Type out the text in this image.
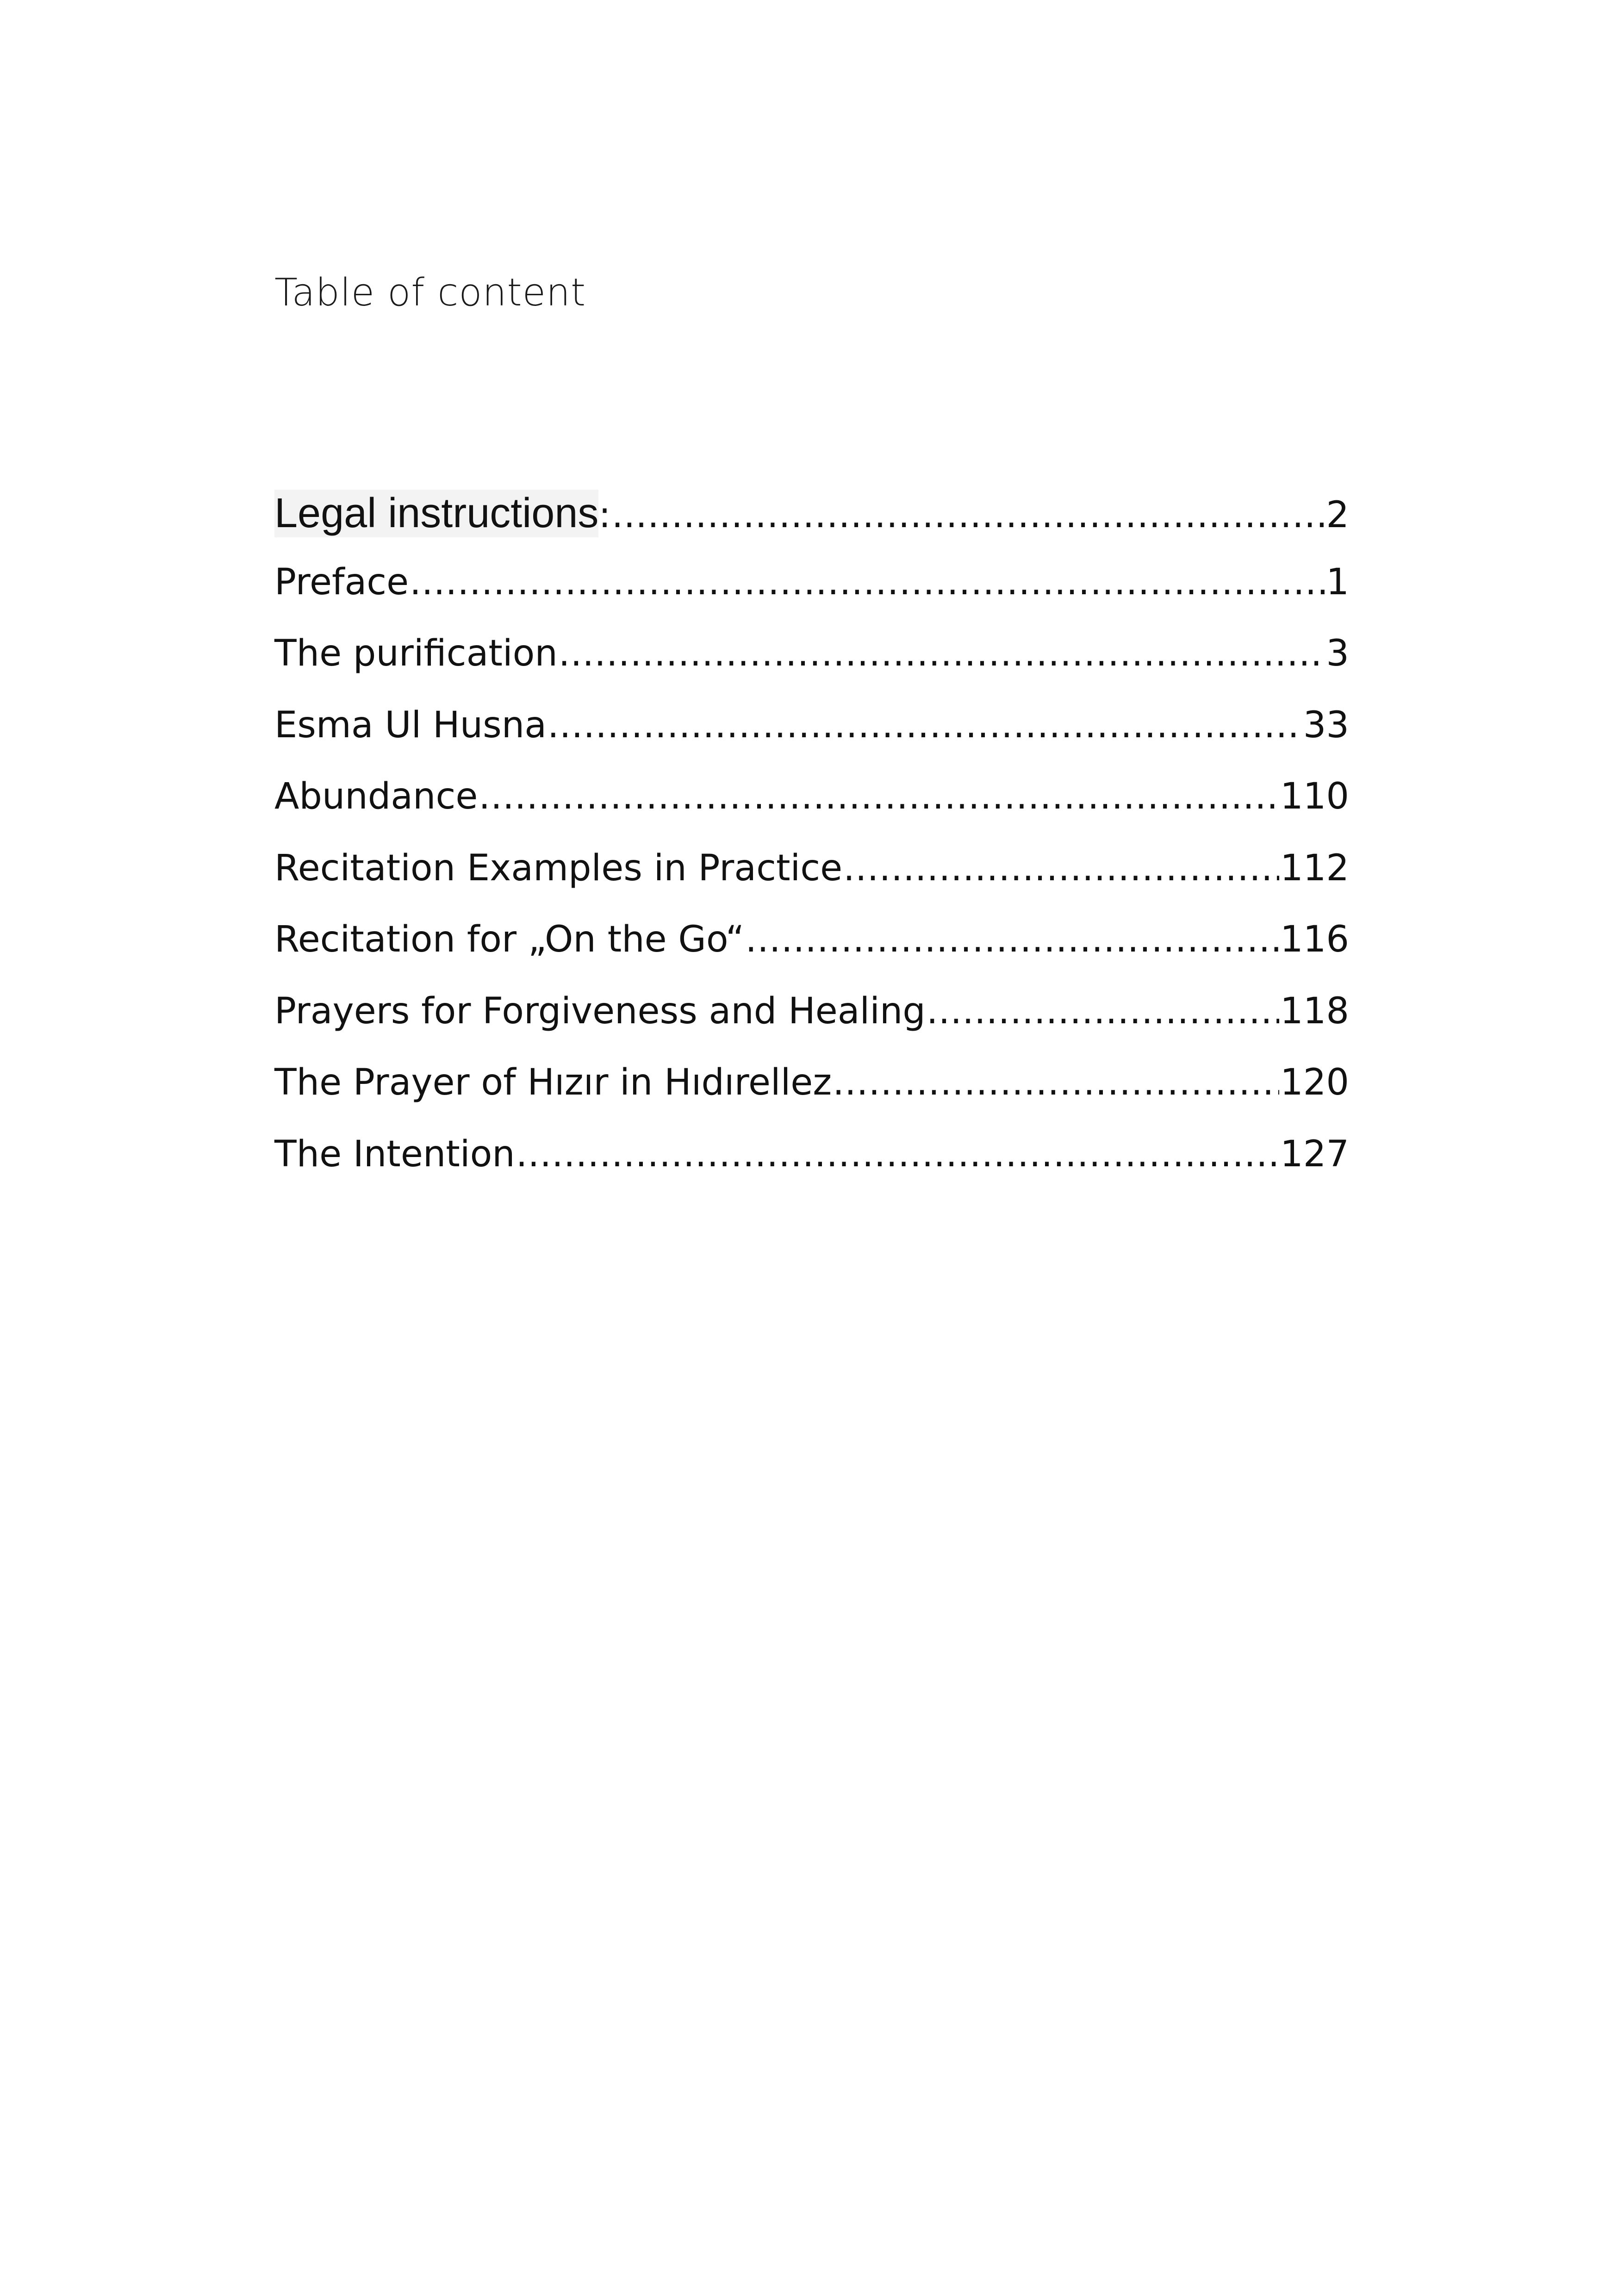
Table of content
Legal instructions : .....	2
Preface .....	1
The purification .....	3
Esma Ul Husna .....	33
Abundance .....	110
Recitation Examples in Practice .....	112
Recitation for „On the Go“ .....	116
Prayers for Forgiveness and Healing .....	118
The Prayer of Hızır in Hıdırellez .....	120
The Intention .....	127
